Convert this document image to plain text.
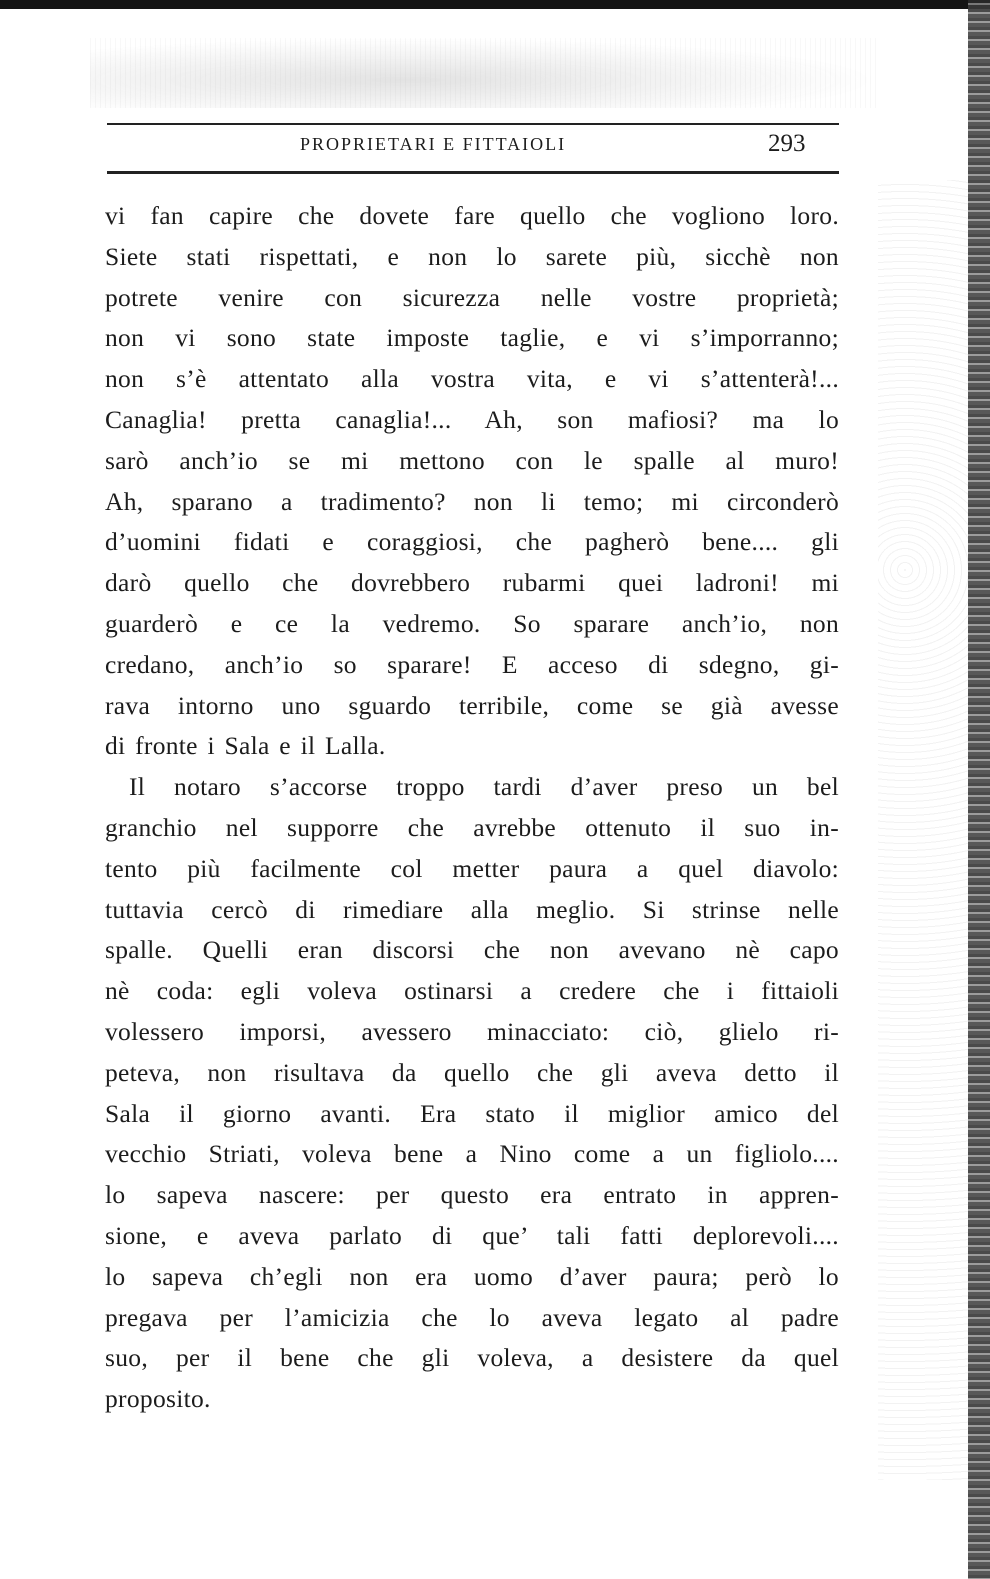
PROPRIETARI E FITTAIOLI	293
vi fan capire che dovete fare quello che vogliono loro.
Siete stati rispettati, e non lo sarete più, sicchè non
potrete venire con sicurezza nelle vostre proprietà;
non vi sono state imposte taglie, e vi s’imporranno;
non s’è attentato alla vostra vita, e vi s’attenterà!...
Canaglia! pretta canaglia!... Ah, son mafiosi? ma lo
sarò anch’io se mi mettono con le spalle al muro!
Ah, sparano a tradimento? non li temo; mi circonderò
d’uomini fidati e coraggiosi, che pagherò bene.... gli
darò quello che dovrebbero rubarmi quei ladroni! mi
guarderò e ce la vedremo. So sparare anch’io, non
credano, anch’io so sparare! E acceso di sdegno, gi-
rava intorno uno sguardo terribile, come se già avesse
di fronte i Sala e il Lalla.
Il notaro s’accorse troppo tardi d’aver preso un bel
granchio nel supporre che avrebbe ottenuto il suo in-
tento più facilmente col metter paura a quel diavolo:
tuttavia cercò di rimediare alla meglio. Si strinse nelle
spalle. Quelli eran discorsi che non avevano nè capo
nè coda: egli voleva ostinarsi a credere che i fittaioli
volessero imporsi, avessero minacciato: ciò, glielo ri-
peteva, non risultava da quello che gli aveva detto il
Sala il giorno avanti. Era stato il miglior amico del
vecchio Striati, voleva bene a Nino come a un figliolo....
lo sapeva nascere: per questo era entrato in appren-
sione, e aveva parlato di que’ tali fatti deplorevoli....
lo sapeva ch’egli non era uomo d’aver paura; però lo
pregava per l’amicizia che lo aveva legato al padre
suo, per il bene che gli voleva, a desistere da quel
proposito.
